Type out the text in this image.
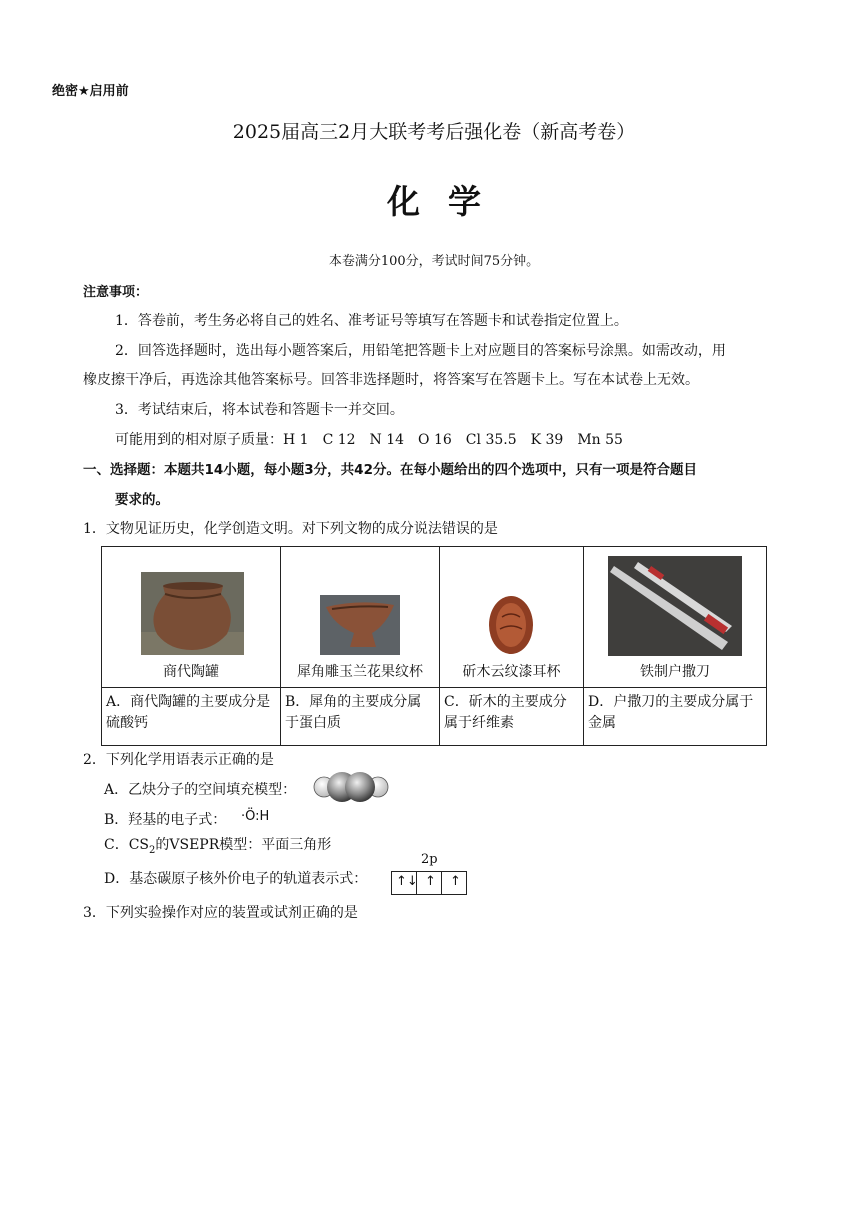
绝密★启用前
2025届高三2月大联考考后强化卷（新高考卷）
化学
本卷满分100分，考试时间75分钟。
注意事项：
1．答卷前，考生务必将自己的姓名、准考证号等填写在答题卡和试卷指定位置上。
2．回答选择题时，选出每小题答案后，用铅笔把答题卡上对应题目的答案标号涂黑。如需改动，用
橡皮擦干净后，再选涂其他答案标号。回答非选择题时，将答案写在答题卡上。写在本试卷上无效。
3．考试结束后，将本试卷和答题卡一并交回。
可能用到的相对原子质量：H 1　C 12　N 14　O 16　Cl 35.5　K 39　Mn 55
一、选择题：本题共14小题，每小题3分，共42分。在每小题给出的四个选项中，只有一项是符合题目
要求的。
1．文物见证历史，化学创造文明。对下列文物的成分说法错误的是
商代陶罐	犀角雕玉兰花果纹杯	斫木云纹漆耳杯	铁制户撒刀

A．商代陶罐的主要成分是硫酸钙	B．犀角的主要成分属于蛋白质	C．斫木的主要成分属于纤维素	D．户撒刀的主要成分属于金属
2．下列化学用语表示正确的是
A．乙炔分子的空间填充模型：
B．羟基的电子式： ·Ö:H
C．$CS_2$的VSEPR模型：平面三角形
D．基态碳原子核外价电子的轨道表示式：
2p
↑↓ ↑ ↑
3．下列实验操作对应的装置或试剂正确的是
